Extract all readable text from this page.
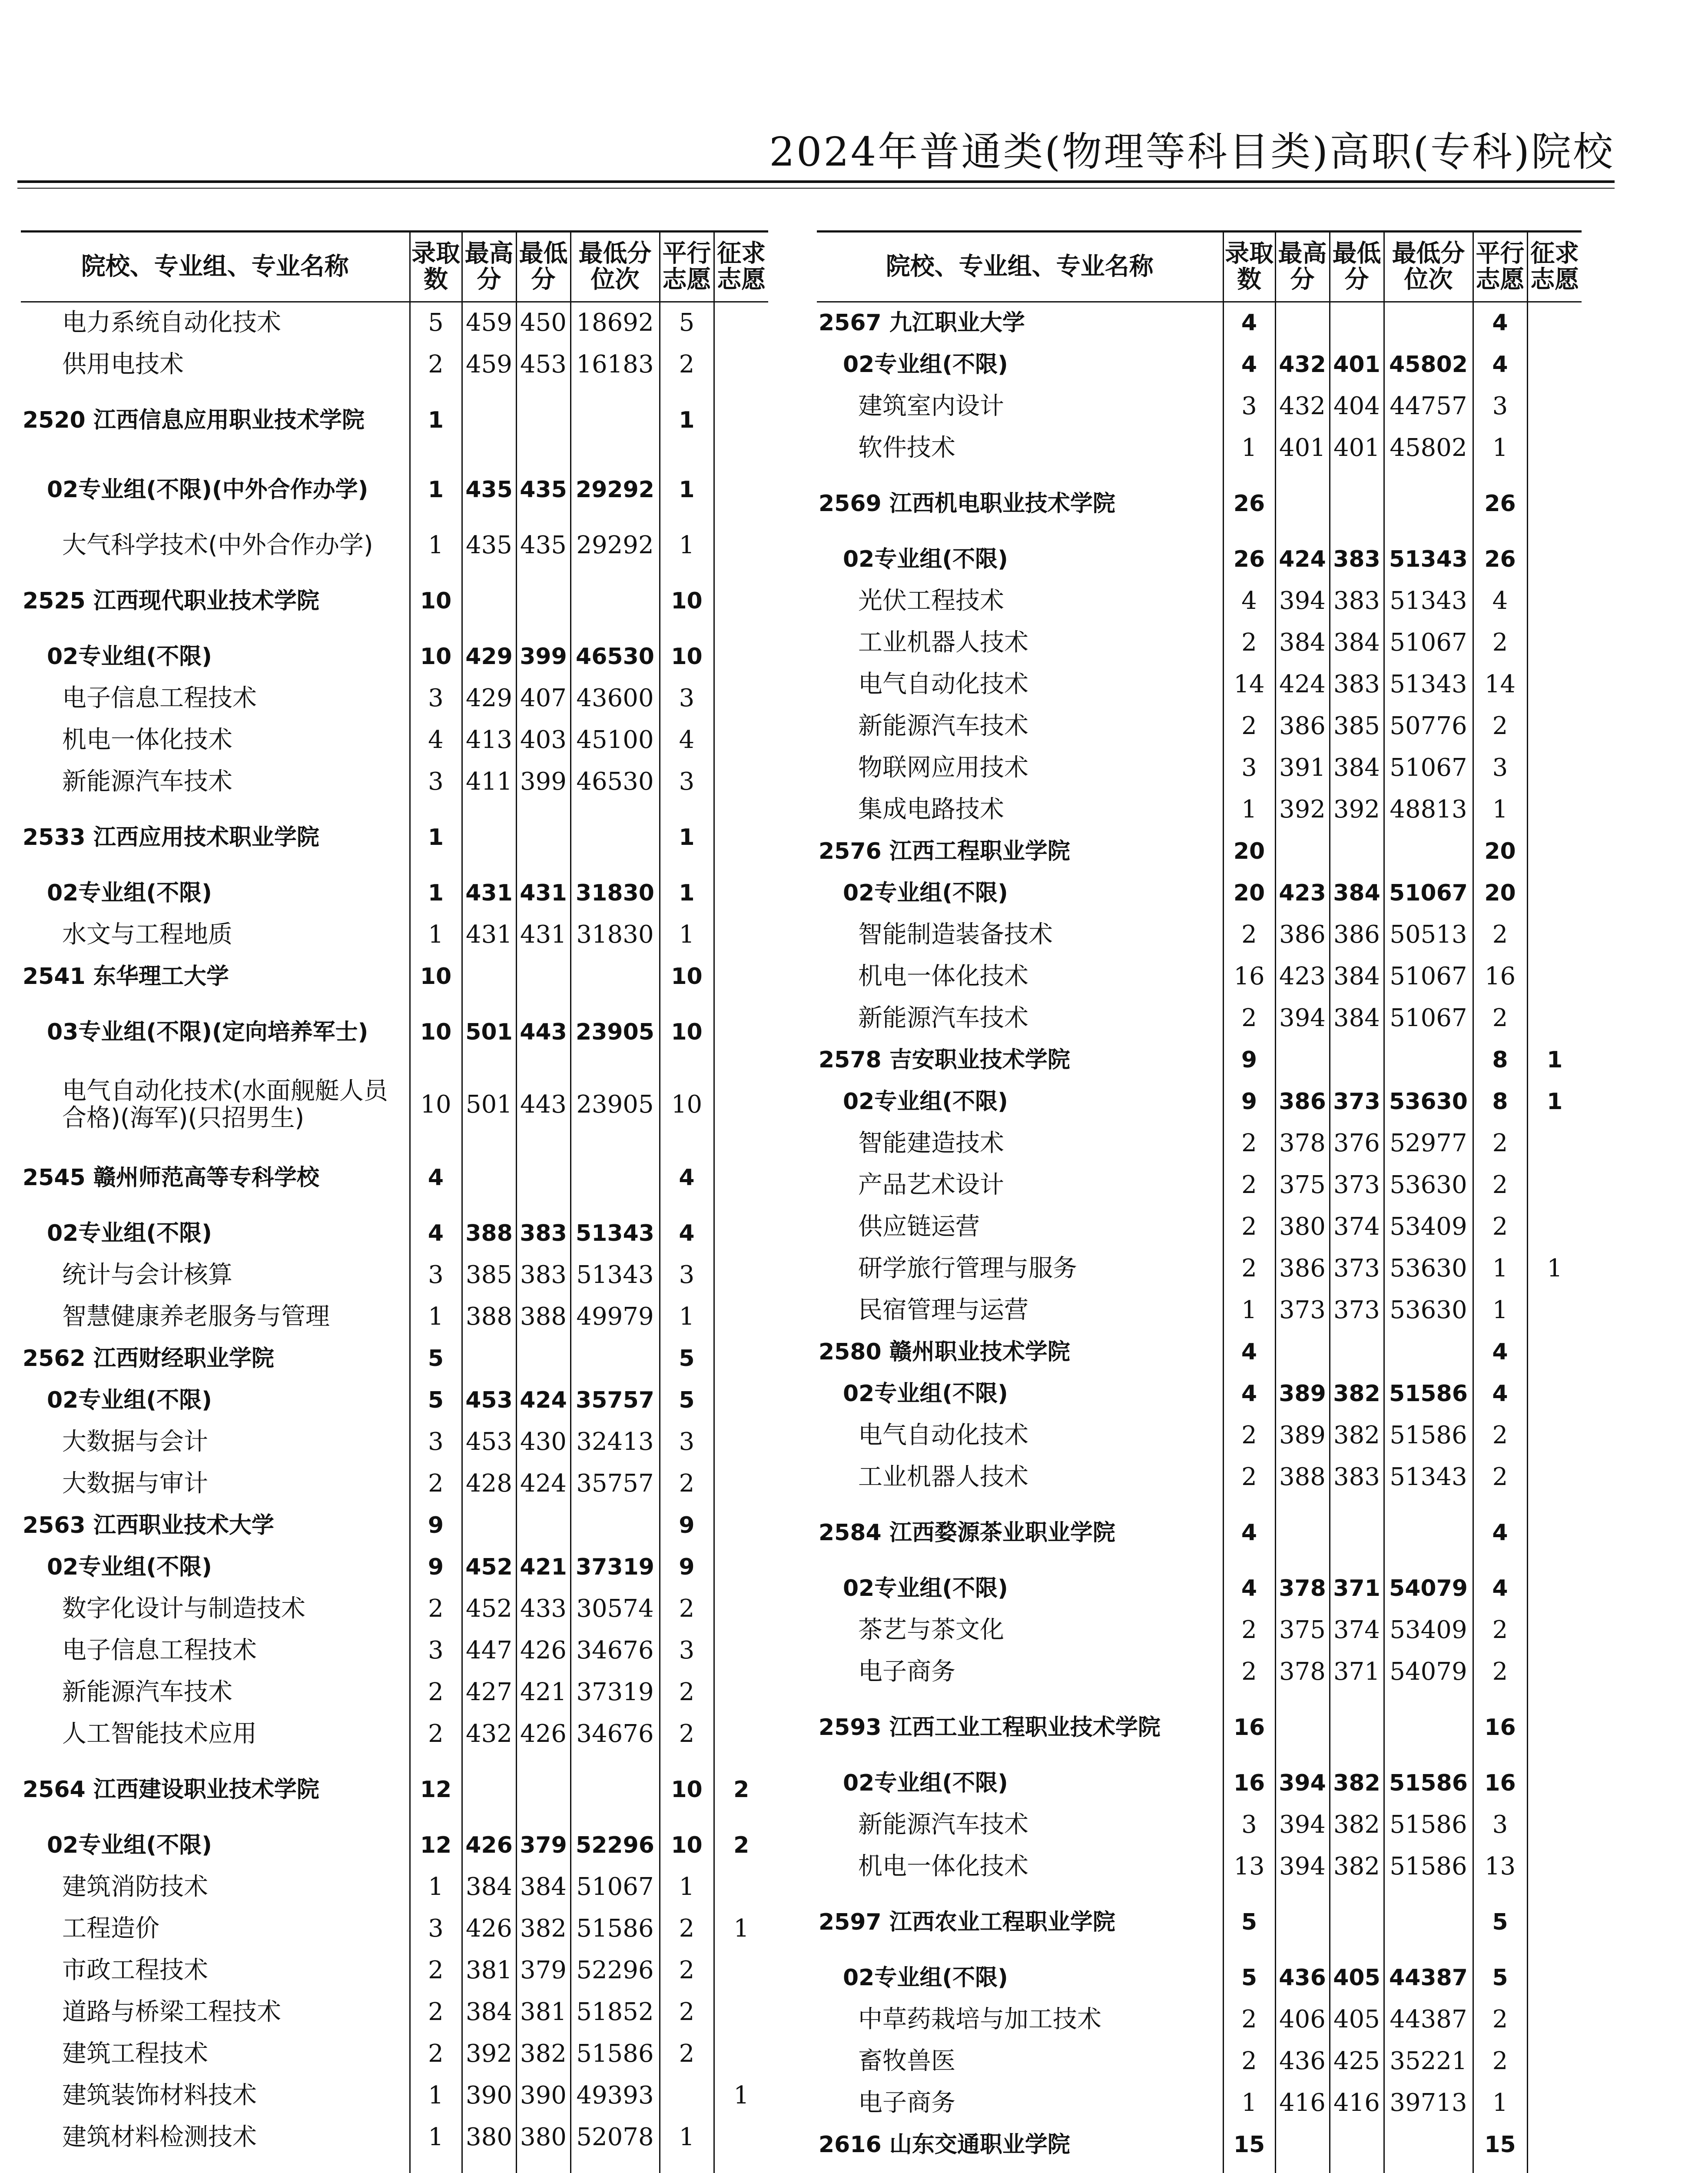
2024年普通类(物理等科目类)高职(专科)院校
院校、专业组、专业名称	录取数	最高分	最低分	最低分位次	平行志愿	征求志愿
电力系统自动化技术	5	459	450	18692	5	
供用电技术	2	459	453	16183	2	
2520 江西信息应用职业技术学院	1				1	
02专业组(不限)(中外合作办学)	1	435	435	29292	1	
大气科学技术(中外合作办学)	1	435	435	29292	1	
2525 江西现代职业技术学院	10				10	
02专业组(不限)	10	429	399	46530	10	
电子信息工程技术	3	429	407	43600	3	
机电一体化技术	4	413	403	45100	4	
新能源汽车技术	3	411	399	46530	3	
2533 江西应用技术职业学院	1				1	
02专业组(不限)	1	431	431	31830	1	
水文与工程地质	1	431	431	31830	1	
2541 东华理工大学	10				10	
03专业组(不限)(定向培养军士)	10	501	443	23905	10	
电气自动化技术(水面舰艇人员合格)(海军)(只招男生)	10	501	443	23905	10	
2545 赣州师范高等专科学校	4				4	
02专业组(不限)	4	388	383	51343	4	
统计与会计核算	3	385	383	51343	3	
智慧健康养老服务与管理	1	388	388	49979	1	
2562 江西财经职业学院	5				5	
02专业组(不限)	5	453	424	35757	5	
大数据与会计	3	453	430	32413	3	
大数据与审计	2	428	424	35757	2	
2563 江西职业技术大学	9				9	
02专业组(不限)	9	452	421	37319	9	
数字化设计与制造技术	2	452	433	30574	2	
电子信息工程技术	3	447	426	34676	3	
新能源汽车技术	2	427	421	37319	2	
人工智能技术应用	2	432	426	34676	2	
2564 江西建设职业技术学院	12				10	2
02专业组(不限)	12	426	379	52296	10	2
建筑消防技术	1	384	384	51067	1	
工程造价	3	426	382	51586	2	1
市政工程技术	2	381	379	52296	2	
道路与桥梁工程技术	2	384	381	51852	2	
建筑工程技术	2	392	382	51586	2	
建筑装饰材料技术	1	390	390	49393		1
建筑材料检测技术	1	380	380	52078	1	

院校、专业组、专业名称	录取数	最高分	最低分	最低分位次	平行志愿	征求志愿
2567 九江职业大学	4				4	
02专业组(不限)	4	432	401	45802	4	
建筑室内设计	3	432	404	44757	3	
软件技术	1	401	401	45802	1	
2569 江西机电职业技术学院	26				26	
02专业组(不限)	26	424	383	51343	26	
光伏工程技术	4	394	383	51343	4	
工业机器人技术	2	384	384	51067	2	
电气自动化技术	14	424	383	51343	14	
新能源汽车技术	2	386	385	50776	2	
物联网应用技术	3	391	384	51067	3	
集成电路技术	1	392	392	48813	1	
2576 江西工程职业学院	20				20	
02专业组(不限)	20	423	384	51067	20	
智能制造装备技术	2	386	386	50513	2	
机电一体化技术	16	423	384	51067	16	
新能源汽车技术	2	394	384	51067	2	
2578 吉安职业技术学院	9				8	1
02专业组(不限)	9	386	373	53630	8	1
智能建造技术	2	378	376	52977	2	
产品艺术设计	2	375	373	53630	2	
供应链运营	2	380	374	53409	2	
研学旅行管理与服务	2	386	373	53630	1	1
民宿管理与运营	1	373	373	53630	1	
2580 赣州职业技术学院	4				4	
02专业组(不限)	4	389	382	51586	4	
电气自动化技术	2	389	382	51586	2	
工业机器人技术	2	388	383	51343	2	
2584 江西婺源茶业职业学院	4				4	
02专业组(不限)	4	378	371	54079	4	
茶艺与茶文化	2	375	374	53409	2	
电子商务	2	378	371	54079	2	
2593 江西工业工程职业技术学院	16				16	
02专业组(不限)	16	394	382	51586	16	
新能源汽车技术	3	394	382	51586	3	
机电一体化技术	13	394	382	51586	13	
2597 江西农业工程职业学院	5				5	
02专业组(不限)	5	436	405	44387	5	
中草药栽培与加工技术	2	406	405	44387	2	
畜牧兽医	2	436	425	35221	2	
电子商务	1	416	416	39713	1	
2616 山东交通职业学院	15				15	
